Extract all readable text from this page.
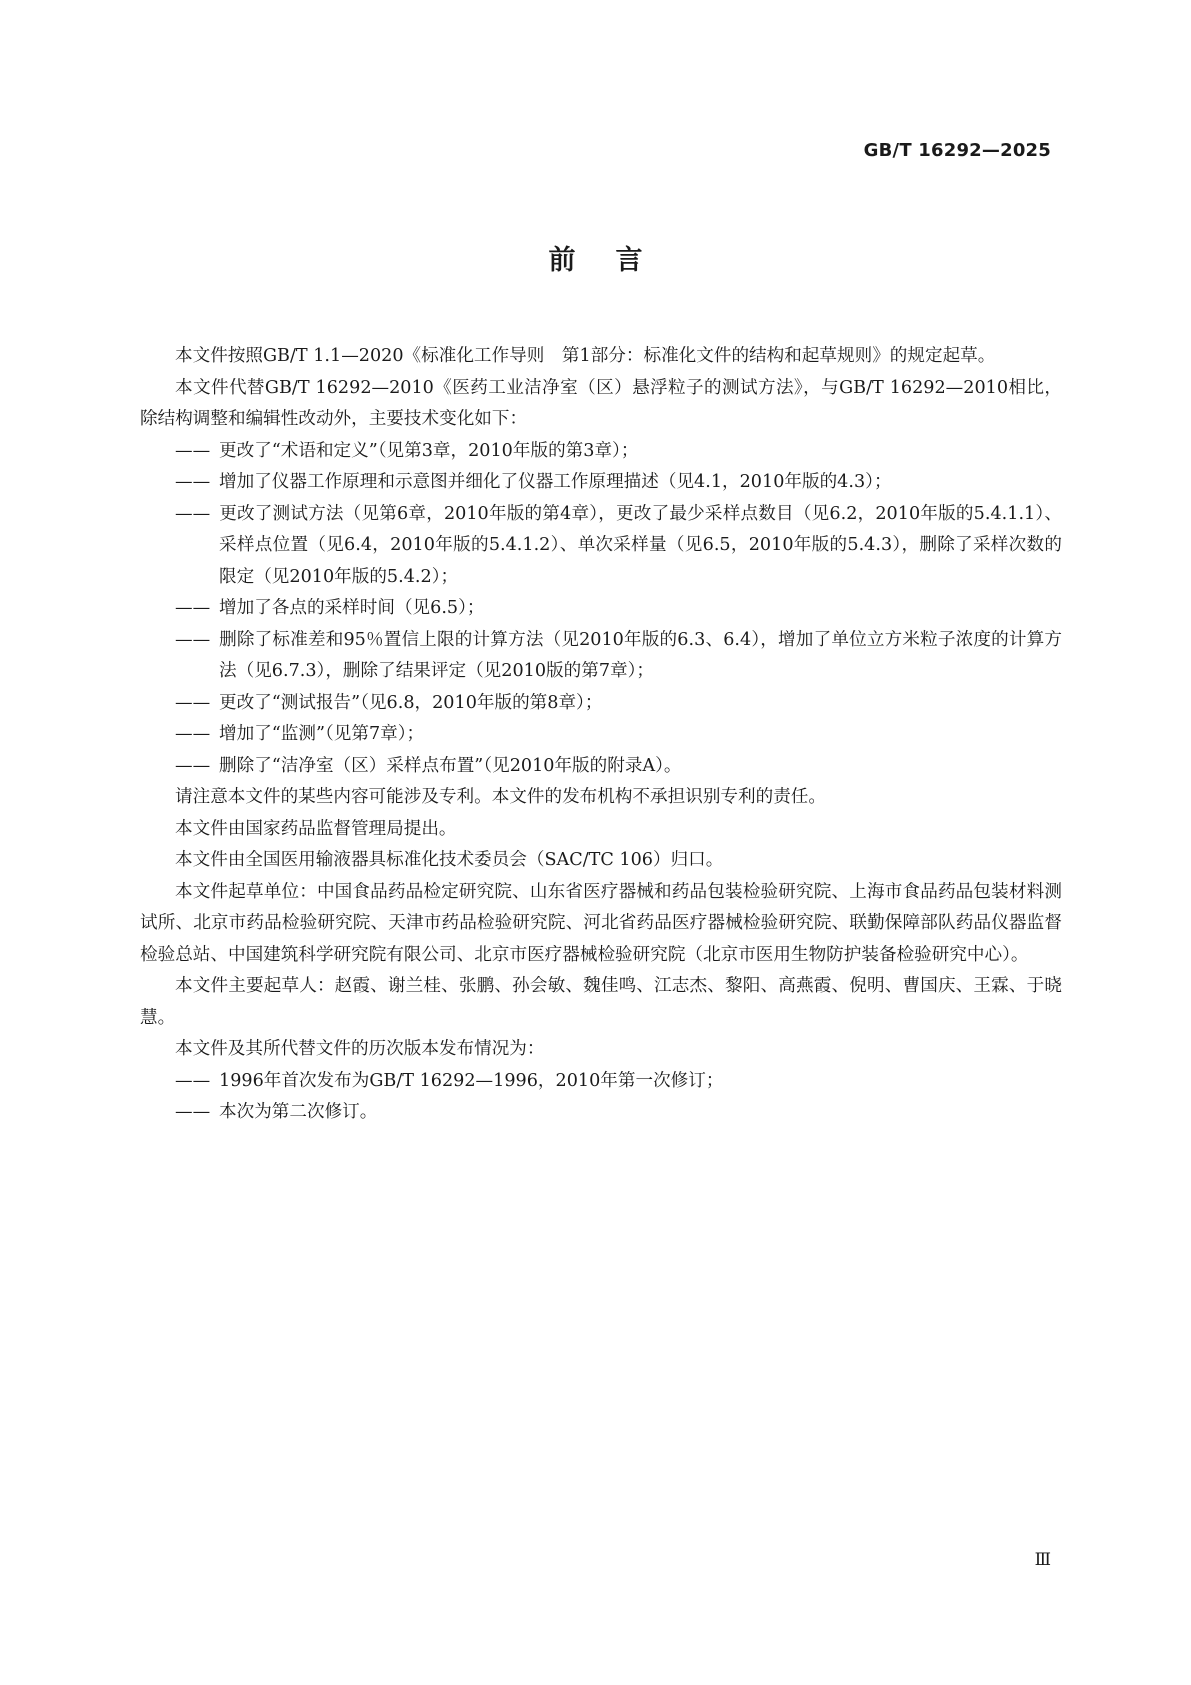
GB/T 16292—2025
前言

本文件按照GB/T 1.1—2020《标准化工作导则　第1部分：标准化文件的结构和起草规则》的规定起草。

本文件代替GB/T 16292—2010《医药工业洁净室（区）悬浮粒子的测试方法》，与GB/T 16292—2010相比，除结构调整和编辑性改动外，主要技术变化如下：

—— 更改了“术语和定义”（见第3章，2010年版的第3章）；

—— 增加了仪器工作原理和示意图并细化了仪器工作原理描述（见4.1，2010年版的4.3）；

—— 更改了测试方法（见第6章，2010年版的第4章），更改了最少采样点数目（见6.2，2010年版的5.4.1.1）、采样点位置（见6.4，2010年版的5.4.1.2）、单次采样量（见6.5，2010年版的5.4.3），删除了采样次数的限定（见2010年版的5.4.2）；

—— 增加了各点的采样时间（见6.5）；

—— 删除了标准差和95％置信上限的计算方法（见2010年版的6.3、6.4），增加了单位立方米粒子浓度的计算方法（见6.7.3），删除了结果评定（见2010版的第7章）；

—— 更改了“测试报告”（见6.8，2010年版的第8章）；

—— 增加了“监测”（见第7章）；

—— 删除了“洁净室（区）采样点布置”（见2010年版的附录A）。

请注意本文件的某些内容可能涉及专利。本文件的发布机构不承担识别专利的责任。

本文件由国家药品监督管理局提出。

本文件由全国医用输液器具标准化技术委员会（SAC/TC 106）归口。

本文件起草单位：中国食品药品检定研究院、山东省医疗器械和药品包装检验研究院、上海市食品药品包装材料测试所、北京市药品检验研究院、天津市药品检验研究院、河北省药品医疗器械检验研究院、联勤保障部队药品仪器监督检验总站、中国建筑科学研究院有限公司、北京市医疗器械检验研究院（北京市医用生物防护装备检验研究中心）。

本文件主要起草人：赵霞、谢兰桂、张鹏、孙会敏、魏佳鸣、江志杰、黎阳、高燕霞、倪明、曹国庆、王霖、于晓慧。

本文件及其所代替文件的历次版本发布情况为：

—— 1996年首次发布为GB/T 16292—1996，2010年第一次修订；

—— 本次为第二次修订。

Ⅲ
